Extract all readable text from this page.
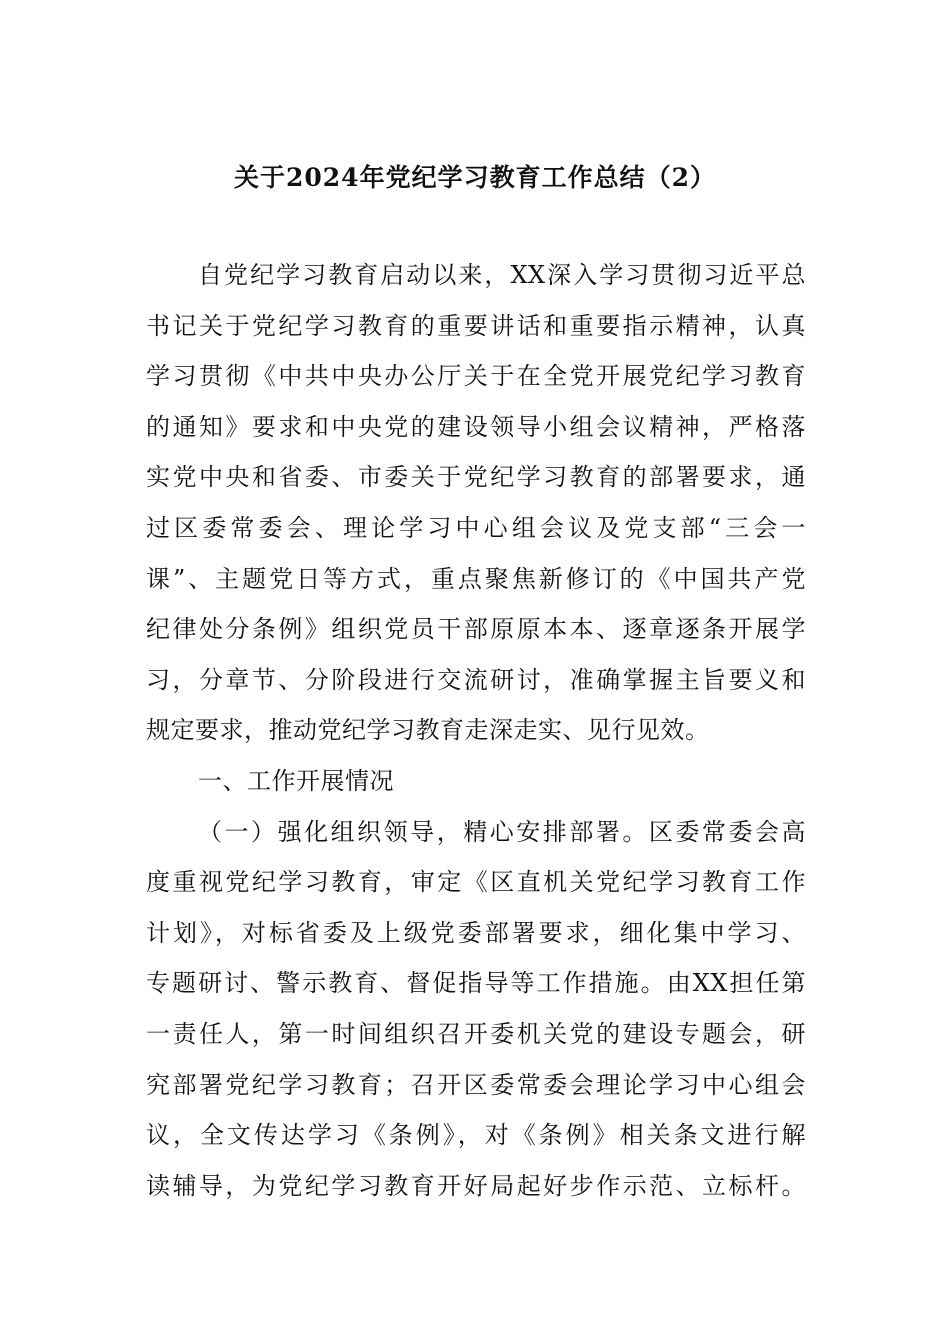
关于2024年党纪学习教育工作总结（2）
自党纪学习教育启动以来，XX深入学习贯彻习近平总
书记关于党纪学习教育的重要讲话和重要指示精神，认真
学习贯彻《中共中央办公厅关于在全党开展党纪学习教育
的通知》要求和中央党的建设领导小组会议精神，严格落
实党中央和省委、市委关于党纪学习教育的部署要求，通
过区委常委会、理论学习中心组会议及党支部“三会一
课”、主题党日等方式，重点聚焦新修订的《中国共产党
纪律处分条例》组织党员干部原原本本、逐章逐条开展学
习，分章节、分阶段进行交流研讨，准确掌握主旨要义和
规定要求，推动党纪学习教育走深走实、见行见效。
一、工作开展情况
（一）强化组织领导，精心安排部署。区委常委会高
度重视党纪学习教育，审定《区直机关党纪学习教育工作
计划》，对标省委及上级党委部署要求，细化集中学习、
专题研讨、警示教育、督促指导等工作措施。由XX担任第
一责任人，第一时间组织召开委机关党的建设专题会，研
究部署党纪学习教育；召开区委常委会理论学习中心组会
议，全文传达学习《条例》，对《条例》相关条文进行解
读辅导，为党纪学习教育开好局起好步作示范、立标杆。
